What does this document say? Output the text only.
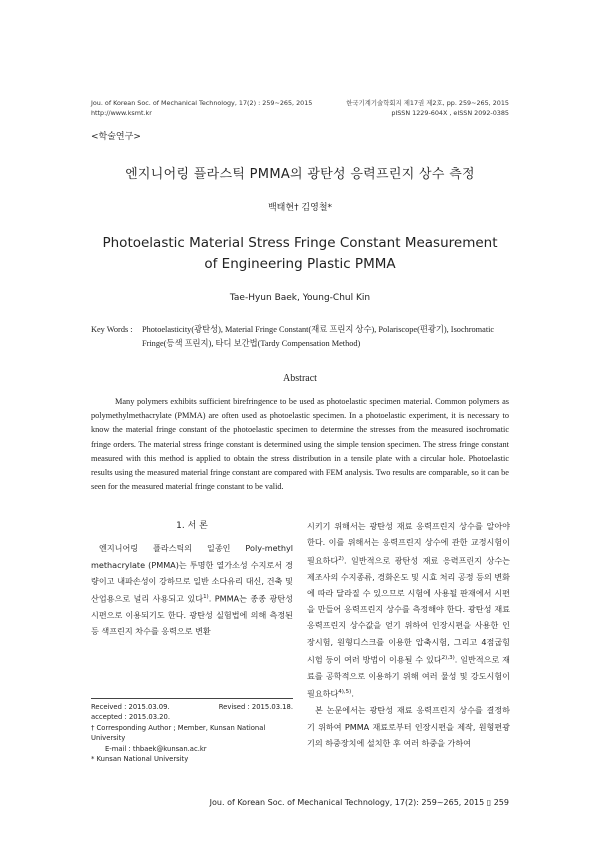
Jou. of Korean Soc. of Mechanical Technology, 17(2) : 259~265, 2015
http://www.ksmt.kr
한국기계기술학회지 제17권 제2호, pp. 259~265, 2015
pISSN 1229-604X , eISSN 2092-0385
<학술연구>
엔지니어링 플라스틱 PMMA의 광탄성 응력프린지 상수 측정
백태현† 김영철*
Photoelastic Material Stress Fringe Constant Measurement
of Engineering Plastic PMMA
Tae-Hyun Baek, Young-Chul Kin
Key Words :	Photoelasticity(광탄성), Material Fringe Constant(재료 프린지 상수), Polariscope(편광기), Isochromatic Fringe(등색 프린지), 타디 보간법(Tardy Compensation Method)
Abstract

Many polymers exhibits sufficient birefringence to be used as photoelastic specimen material. Common polymers as polymethylmethacrylate (PMMA) are often used as photoelastic specimen. In a photoelastic experiment, it is necessary to know the material fringe constant of the photoelastic specimen to determine the stresses from the measured isochromatic fringe orders. The material stress fringe constant is determined using the simple tension specimen. The stress fringe constant measured with this method is applied to obtain the stress distribution in a tensile plate with a circular hole. Photoelastic results using the measured material fringe constant are compared with FEM analysis. Two results are comparable, so it can be seen for the measured material fringe constant to be valid.

1. 서 론

엔지니어링 플라스틱의 일종인 Poly-methyl methacrylate (PMMA)는 투명한 열가소성 수지로서 경량이고 내파손성이 강하므로 일반 소다유리 대신, 건축 및 산업용으로 널리 사용되고 있다$^{1)}$. PMMA는 종종 광탄성 시편으로 이용되기도 한다. 광탄성 실험법에 의해 측정된 등 색프린지 차수를 응력으로 변환

시키기 위해서는 광탄성 재료 응력프린지 상수를 알아야 한다. 이를 위해서는 응력프린지 상수에 관한 교정시험이 필요하다$^{2)}$. 일반적으로 광탄성 재료 응력프린지 상수는 제조사의 수지종류, 경화온도 및 시효 처리 공정 등의 변화에 따라 달라질 수 있으므로 시험에 사용될 판재에서 시편을 만들어 응력프린지 상수를 측정해야 한다. 광탄성 재료 응력프린지 상수값을 얻기 위하여 인장시편을 사용한 인장시험, 원형디스크를 이용한 압축시험, 그리고 4점굽힘 시험 등이 여러 방법이 이용될 수 있다$^{2),3)}$. 일반적으로 재료를 공학적으로 이용하기 위해 여러 물성 및 강도시험이 필요하다$^{4),5)}$.

본 논문에서는 광탄성 재료 응력프린지 상수를 결정하기 위하여 PMMA 재료로부터 인장시편을 제작, 원형편광기의 하중장치에 설치한 후 여러 하중을 가하여

Received : 2015.03.09.	Revised : 2015.03.18.
accepted : 2015.03.20.
† Corresponding Author ; Member, Kunsan National University
E-mail : thbaek@kunsan.ac.kr
* Kunsan National University
Jou. of Korean Soc. of Mechanical Technology, 17(2): 259~265, 2015 ▯ 259
